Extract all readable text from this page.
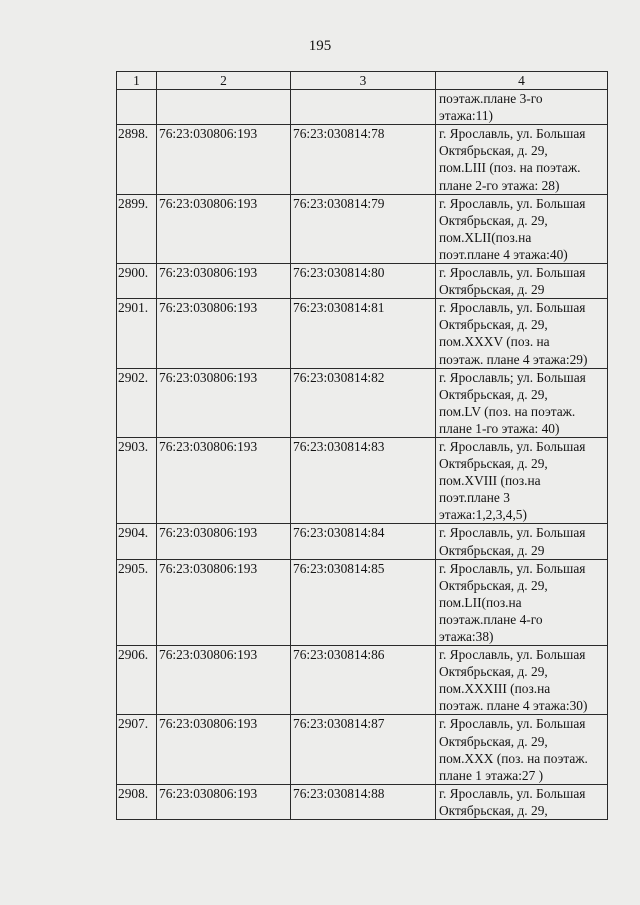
195
1	2	3	4

			поэтаж.плане 3-го
этажа:11)

2898.	76:23:030806:193	76:23:030814:78	г. Ярославль, ул. Большая
Октябрьская, д. 29,
пом.LIII (поз. на поэтаж.
плане 2-го этажа: 28)

2899.	76:23:030806:193	76:23:030814:79	г. Ярославль, ул. Большая
Октябрьская, д. 29,
пом.XLII(поз.на
поэт.плане 4 этажа:40)

2900.	76:23:030806:193	76:23:030814:80	г. Ярославль, ул. Большая
Октябрьская, д. 29

2901.	76:23:030806:193	76:23:030814:81	г. Ярославль, ул. Большая
Октябрьская, д. 29,
пом.XXXV (поз. на
поэтаж. плане 4 этажа:29)

2902.	76:23:030806:193	76:23:030814:82	г. Ярославль; ул. Большая
Октябрьская, д. 29,
пом.LV (поз. на поэтаж.
плане 1-го этажа: 40)

2903.	76:23:030806:193	76:23:030814:83	г. Ярославль, ул. Большая
Октябрьская, д. 29,
пом.XVIII (поз.на
поэт.плане 3
этажа:1,2,3,4,5)

2904.	76:23:030806:193	76:23:030814:84	г. Ярославль, ул. Большая
Октябрьская, д. 29

2905.	76:23:030806:193	76:23:030814:85	г. Ярославль, ул. Большая
Октябрьская, д. 29,
пом.LII(поз.на
поэтаж.плане 4-го
этажа:38)

2906.	76:23:030806:193	76:23:030814:86	г. Ярославль, ул. Большая
Октябрьская, д. 29,
пом.XXXIII (поз.на
поэтаж. плане 4 этажа:30)

2907.	76:23:030806:193	76:23:030814:87	г. Ярославль, ул. Большая
Октябрьская, д. 29,
пом.XXX (поз. на поэтаж.
плане 1 этажа:27 )

2908.	76:23:030806:193	76:23:030814:88	г. Ярославль, ул. Большая
Октябрьская, д. 29,
